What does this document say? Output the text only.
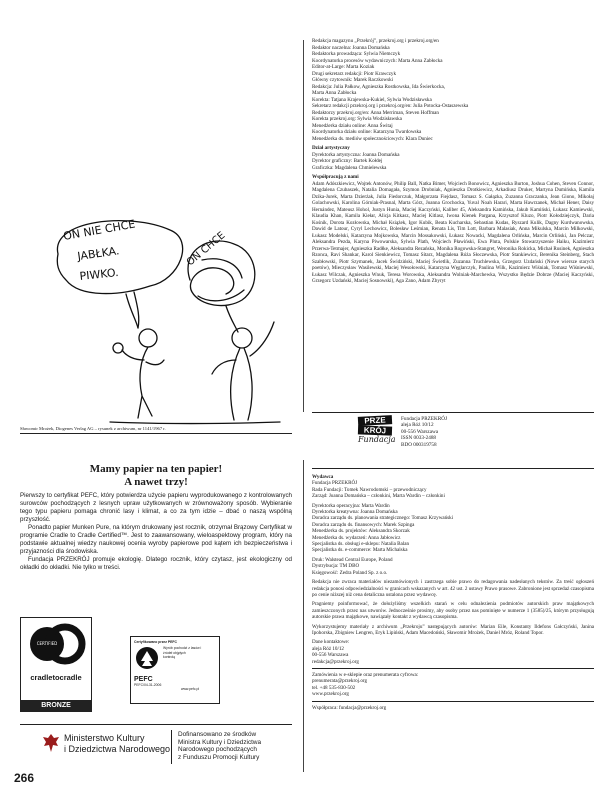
Redakcja magazynu „Przekrój”, przekroj.org i przekroj.org/en
Redaktor naczelna: Joanna Domańska
Redaktorka prowadząca: Sylwia Niemczyk
Koordynatorka procesów wydawniczych: Marta Anna Zabłocka
Editor-at-Large: Marta Koziak
Drugi sekretarz redakcji: Piotr Krawczyk
Główny czytownik: Marek Raczkowski
Redakcja: Julia Pałkow, Agnieszka Rostkowska, Ida Świerkocka,
Marta Anna Zabłocka
Korekta: Tatjana Krajewska-Kukiel, Sylwia Wodzisławska
Sekretarz redakcji przekroj.org i przekroj.org/en: Julia Potocka-Ostaszewska
Redaktorzy przekroj.org/en: Anna Merriman, Steven Hoffman
Korekta przekroj.org: Sylwia Wodzisławska
Menedżerka działu online: Anna Świtaj
Koordynatorka działu online: Katarzyna Twardowska
Menedżerka ds. mediów społecznościowych: Klara Duniec

Dział artystyczny

Dyrektorka artystyczna: Joanna Domańska
Dyrektor graficzny: Bartek Kołdej
Graficzka: Magdalena Chmielewska

Współpracują z nami

Adam Adószkiewicz, Wojtek Antonów, Philip Ball, Natka Bimer, Wojciech Bonowicz, Agnieszka Burton, Joshua Cohen, Steven Connor, Magdalena Czubaszek, Natalia Domagała, Szymon Drobniak, Agnieszka Drotkiewicz, Arkadiusz Druker, Martyna Dumińska, Kamila Dzika-Jurek, Marta Dzierżak, Julia Fiedorczuk, Małgorzata Fiejdasz, Tomasz S. Gałązka, Zuzanna Graczanka, Jean Giono, Mikołaj Golachowski, Karolina Górniak-Prasnal, Marta Górz, Joanna Grochocka, Yuval Noah Harari, Marta Hawrzanek, Michał Hener, Daisy Hernández, Mateusz Hohol, Justyn Hunia, Maciej Kaczyński, Kaliber 45, Aleksandra Kamińska, Jakub Kamiński, Łukasz Kamiewski, Klaudia Khan, Kamila Kiełar, Alicja Kitkasz, Maciej Kitlasz, Iwona Kienek Pargana, Krzysztof Kluzo, Piotr Kołodziejczyk, Daria Kośnik, Dorota Kozłowska, Michał Książek, Igor Kubik, Beata Kucharska, Sebastian Kudas, Ryszard Kulik, Dagny Kurdwanowska, Dawid de Latour, Cyryl Lechowicz, Bolesław Leśmian, Renata Lis, Tim Lott, Barbara Malasiak, Anna Mikulska, Marcin Milkowski, Łukasz Modelski, Katarzyna Mojkowska, Marcin Mossakowski, Łukasz Nowacki, Magdalena Orlińska, Marcin Orliński, Jan Pelczar, Aleksandra Pezda, Karyna Piwowarska, Sylwia Plath, Wojciech Pławiński, Ewa Pluta, Polskie Stowarzyszenie Haiku, Kazimierz Przerwa-Tetmajer, Agnieszka Radłke, Aleksandra Rezańska, Monika Rogowska-Stangret, Weronika Rokicka, Michał Rusinek, Agnieszka Rzonca, Ravi Shankar, Karol Sienkiewicz, Tomasz Sitarz, Magdalena Róża Słoczewska, Piotr Stankiewicz, Berenika Steinberg, Stach Szabłowski, Piotr Szymanek, Jacek Świdziński, Maciej Świetlik, Zuzanna Truchlewska, Grzegorz Uzdański (Nowe wiersze starych poetów), Mieczysław Wasilewski, Maciej Wesołowski, Katarzyna Węglarczyk, Paulina Wilk, Kazimierz Wiśniak, Tomasz Wiśniewski, Łukasz Wilczak, Agnieszka Wnuk, Teresa Worowska, Aleksandra Wolniak-Marchewka, Wszystko Będzie Dobrze (Maciej Kaczyński, Grzegorz Uzdański, Maciej Sosnowski), Aga Zano, Adam Zbyryt

ON NIE CHCE
JABŁKA.
PIWKO.
ON CHCE
Sławomir Mrożek, Diogenes Verlag AG – rysunek z archiwum, nr 1141/1967 r.
Mamy papier na ten papier!
A nawet trzy!

Pierwszy to certyfikat PEFC, który potwierdza użycie papieru wyprodukowanego z kontrolowanych surowców pochodzących z lesnych upraw użytkowanych w zrównoważony sposób. Wybieranie tego typu papieru pomaga chronić lasy i klimat, a co za tym idzie – dbać o naszą wspólną przyszłość.

Ponadto papier Munken Pure, na którym drukowany jest rocznik, otrzymał Brązowy Certyfikat w programie Cradle to Cradle Certified™. Jest to zaawansowany, wieloaspektowy program, który na podstawie aktualnej wiedzy naukowej ocenia wyroby papierowe pod kątem ich bezpieczeństwa i przyjazności dla środowiska.

Fundacja PRZEKRÓJ promuje ekologię. Dlatego rocznik, który czytasz, jest ekologiczny od okładki do okładki. Nie tylko w treści.

CERTIFIED
cradletocradle
BRONZE
Certyfikowano przez PEFC
Wyrób pochodzi z lasów i
źródeł objętych
kontrolą
PEFC
PEFC/04-31-2006
www.pefc.pl
Ministerstwo Kultury
i Dziedzictwa Narodowego
Dofinansowano ze środków
Ministra Kultury i Dziedzictwa
Narodowego pochodzących
z Funduszu Promocji Kultury
266
PRZE
KRÓJ
Fundacja
Fundacja PRZEKRÓJ
aleja Róż 10/12
00-556 Warszawa
ISSN 0033-2488
BDO 000319758

Wydawca

Fundacja PRZEKRÓJ
Rada Fundacji: Tomek Nawrodomski – przewodniczący
Zarząd: Joanna Domańska – członkini, Marta Wardin – członkini
Dyrektorka operacyjna: Marta Wardin
Dyrektorka kreatywna: Joanna Domańska
Doradca zarządu ds. planowania strategicznego: Tomasz Krzywański
Doradca zarządu ds. finansowych: Marek Szpinga
Menedżerka ds. projektów: Aleksandra Skorzak
Menedżerka ds. wydarzeń: Anna Jabłowicz
Specjalistka ds. obsługi e-sklepu: Natalia Balan
Specjalistka ds. e-commerce: Marta Michalska
Druk: Walstead Central Europe, Poland
Dystrybucja: TM DBO
Księgowość: Zedra Poland Sp. z o.o.

Redakcja nie zwraca materiałów niezamówionych i zastrzega sobie prawo do redagowania nadesłanych tekstów. Za treść ogłoszeń redakcja ponosi odpowiedzialności w granicach wskazanych w art. 42 ust. 2 ustawy Prawo prasowe. Zabronione jest sprzedaż czasopisma po cenie niższej niż cena detaliczna ustalona przez wydawcę.

Pragniemy poinformować, że dołożyliśmy wszelkich starań w celu odnalezienia podmiotów autorskich praw majątkowych zamieszczonych przez nas utworów. Jednocześnie prosimy, aby osoby przez nas pominięte w numerze 1 (3585)/25, którym przysługują autorskie prawa majątkowe, nawiązały kontakt z wydawcą czasopisma.

Wykorzystujemy materiały z archiwum „Przekroju” następujących autorów: Marian Eile, Konstanty Ildefons Gałczyński, Janina Ipohorska, Zbigniew Lengren, Eryk Lipiński, Adam Macedoński, Sławomir Mrożek, Daniel Mróz, Roland Topor.

Dane kontaktowe:

aleja Róż 10/12
00-556 Warszawa
redakcja@przekroj.org
Zamówienia w e-sklepie oraz prenumerata cyfrowa:
prenumerata@przekroj.org
tel. +48 535-830-502
www.przekroj.org

Współpraca: fundacja@przekroj.org
